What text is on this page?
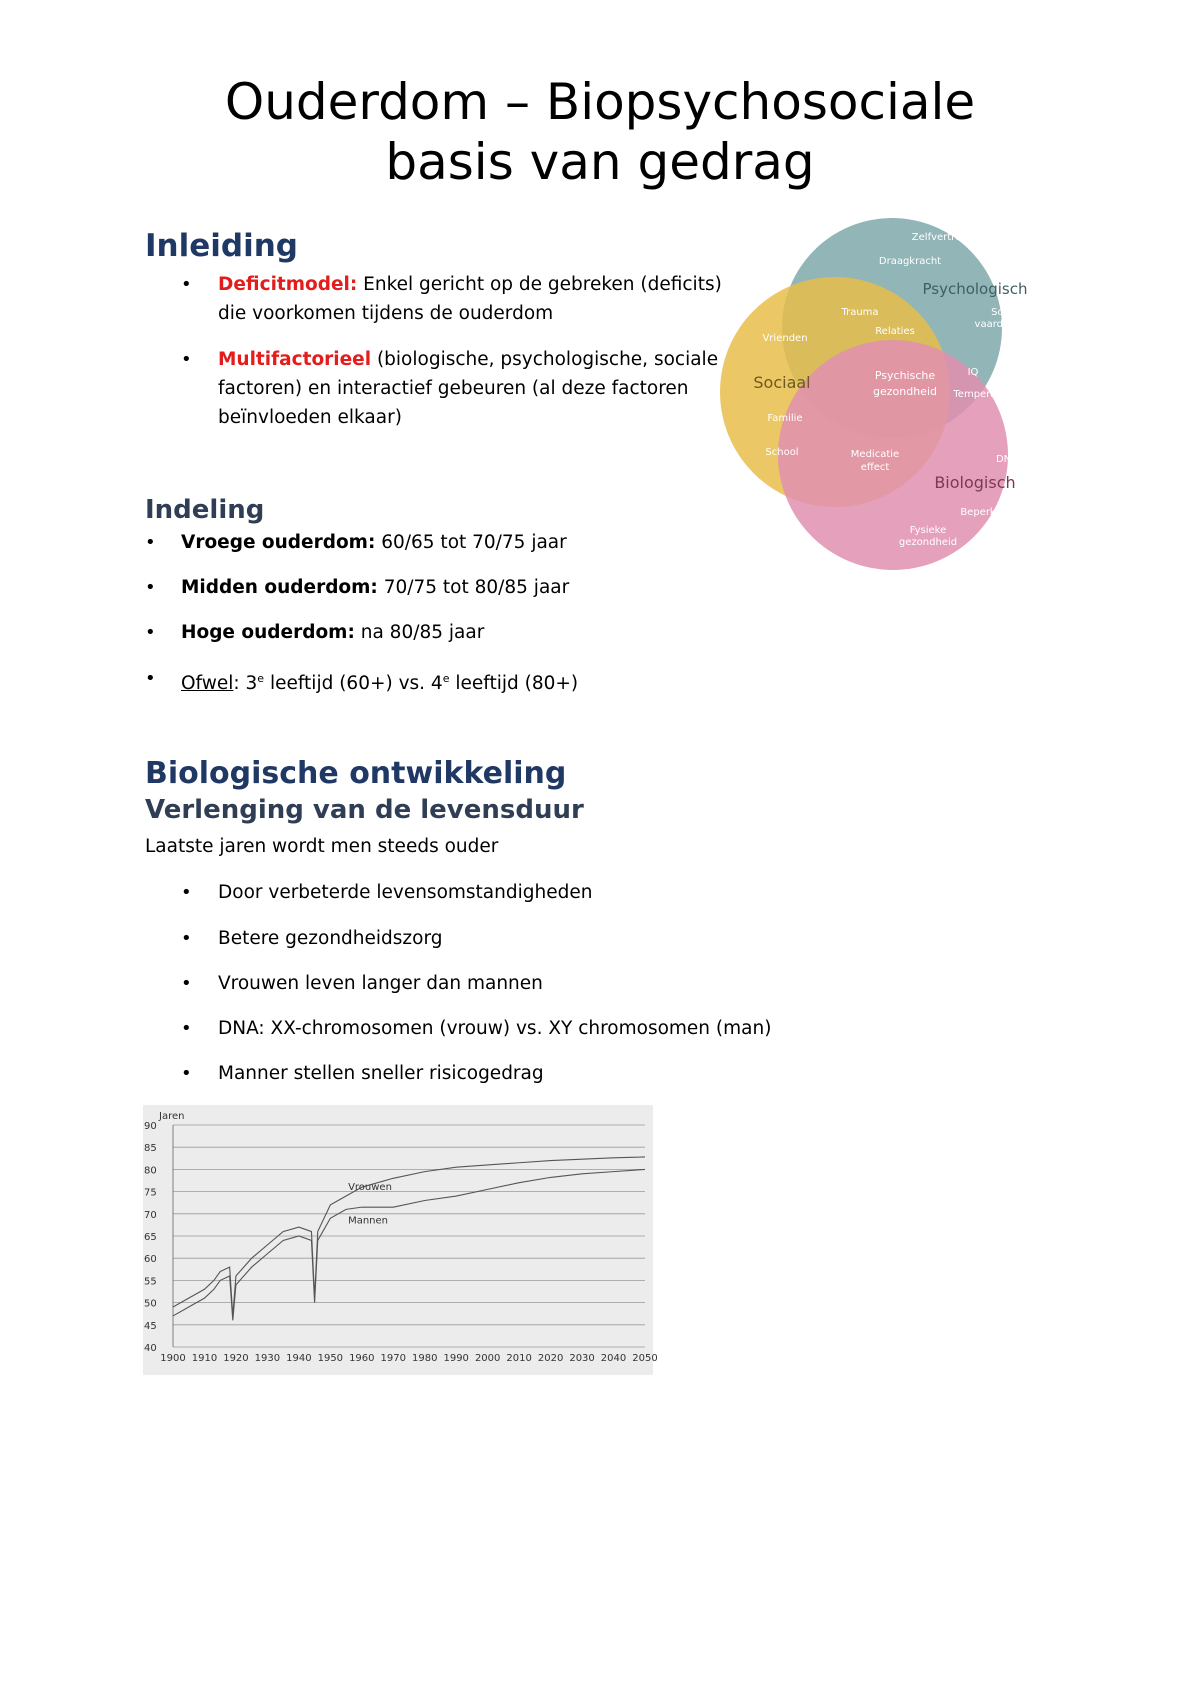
Ouderdom – Biopsychosociale
basis van gedrag
Inleiding
• Deficitmodel: Enkel gericht op de gebreken (deficits)
die voorkomen tijdens de ouderdom
• Multifactorieel (biologische, psychologische, sociale
factoren) en interactief gebeuren (al deze factoren
beïnvloeden elkaar)
Zelfvertrouwen
Draagkracht
Psychologisch
Sociale
vaardigheden
Trauma
Relaties
Vrienden
Sociaal
Familie
School
Psychische
gezondheid
IQ
Temperament
Medicatie
effect
DNA
Biologisch
Beperkingen
Fysieke
gezondheid
Indeling
• Vroege ouderdom: 60/65 tot 70/75 jaar
• Midden ouderdom: 70/75 tot 80/85 jaar
• Hoge ouderdom: na 80/85 jaar
• Ofwel: 3e leeftijd (60+) vs. 4e leeftijd (80+)
Biologische ontwikkeling
Verlenging van de levensduur
Laatste jaren wordt men steeds ouder
• Door verbeterde levensomstandigheden
• Betere gezondheidszorg
• Vrouwen leven langer dan mannen
• DNA: XX-chromosomen (vrouw) vs. XY chromosomen (man)
• Manner stellen sneller risicogedrag
Jaren
90
85
80
75
70
65
60
55
50
45
40
1900 1910 1920 1930 1940 1950 1960 1970 1980 1990 2000 2010 2020 2030 2040 2050
Vrouwen
Mannen
